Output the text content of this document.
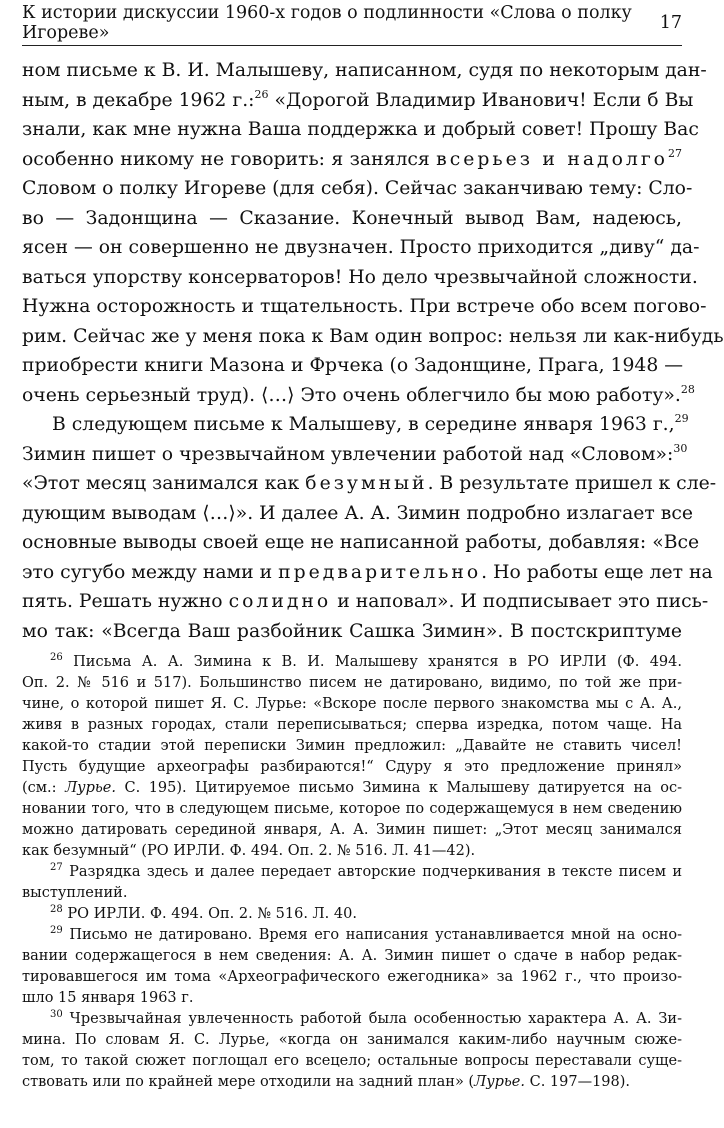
К истории дискуссии 1960-х годов о подлинности «Слова о полку Игореве»	17

ном письме к В. И. Малышеву, написанном, судя по некоторым дан-
ным, в декабре 1962 г.:$^{26}$ «Дорогой Владимир Иванович! Если б Вы
знали, как мне нужна Ваша поддержка и добрый совет! Прошу Вас
особенно никому не говорить: я занялся всерьез и надолго$^{27}$
Словом о полку Игореве (для себя). Сейчас заканчиваю тему: Сло-
во — Задонщина — Сказание. Конечный вывод Вам, надеюсь,
ясен — он совершенно не двузначен. Просто приходится „диву“ да-
ваться упорству консерваторов! Но дело чрезвычайной сложности.
Нужна осторожность и тщательность. При встрече обо всем погово-
рим. Сейчас же у меня пока к Вам один вопрос: нельзя ли как-нибудь
приобрести книги Мазона и Фрчека (о Задонщине, Прага, 1948 —
очень серьезный труд). ⟨…⟩ Это очень облегчило бы мою работу».$^{28}$

В следующем письме к Малышеву, в середине января 1963 г.,$^{29}$
Зимин пишет о чрезвычайном увлечении работой над «Словом»:$^{30}$
«Этот месяц занимался как безумный. В результате пришел к сле-
дующим выводам ⟨…⟩». И далее А. А. Зимин подробно излагает все
основные выводы своей еще не написанной работы, добавляя: «Все
это сугубо между нами и предварительно. Но работы еще лет на
пять. Решать нужно солидно и наповал». И подписывает это пись-
мо так: «Всегда Ваш разбойник Сашка Зимин». В постскриптуме

$^{26}$ Письма А. А. Зимина к В. И. Малышеву хранятся в РО ИРЛИ (Ф. 494.
Оп. 2. № 516 и 517). Большинство писем не датировано, видимо, по той же при-
чине, о которой пишет Я. С. Лурье: «Вскоре после первого знакомства мы с А. А.,
живя в разных городах, стали переписываться; сперва изредка, потом чаще. На
какой-то стадии этой переписки Зимин предложил: „Давайте не ставить чисел!
Пусть будущие археографы разбираются!“ Сдуру я это предложение принял»
(см.: Лурье. С. 195). Цитируемое письмо Зимина к Малышеву датируется на ос-
новании того, что в следующем письме, которое по содержащемуся в нем сведению
можно датировать серединой января, А. А. Зимин пишет: „Этот месяц занимался
как безумный“ (РО ИРЛИ. Ф. 494. Оп. 2. № 516. Л. 41—42).
$^{27}$ Разрядка здесь и далее передает авторские подчеркивания в тексте писем и
выступлений.
$^{28}$ РО ИРЛИ. Ф. 494. Оп. 2. № 516. Л. 40.
$^{29}$ Письмо не датировано. Время его написания устанавливается мной на осно-
вании содержащегося в нем сведения: А. А. Зимин пишет о сдаче в набор редак-
тировавшегося им тома «Археографического ежегодника» за 1962 г., что произо-
шло 15 января 1963 г.
$^{30}$ Чрезвычайная увлеченность работой была особенностью характера А. А. Зи-
мина. По словам Я. С. Лурье, «когда он занимался каким-либо научным сюже-
том, то такой сюжет поглощал его всецело; остальные вопросы переставали суще-
ствовать или по крайней мере отходили на задний план» (Лурье. С. 197—198).
